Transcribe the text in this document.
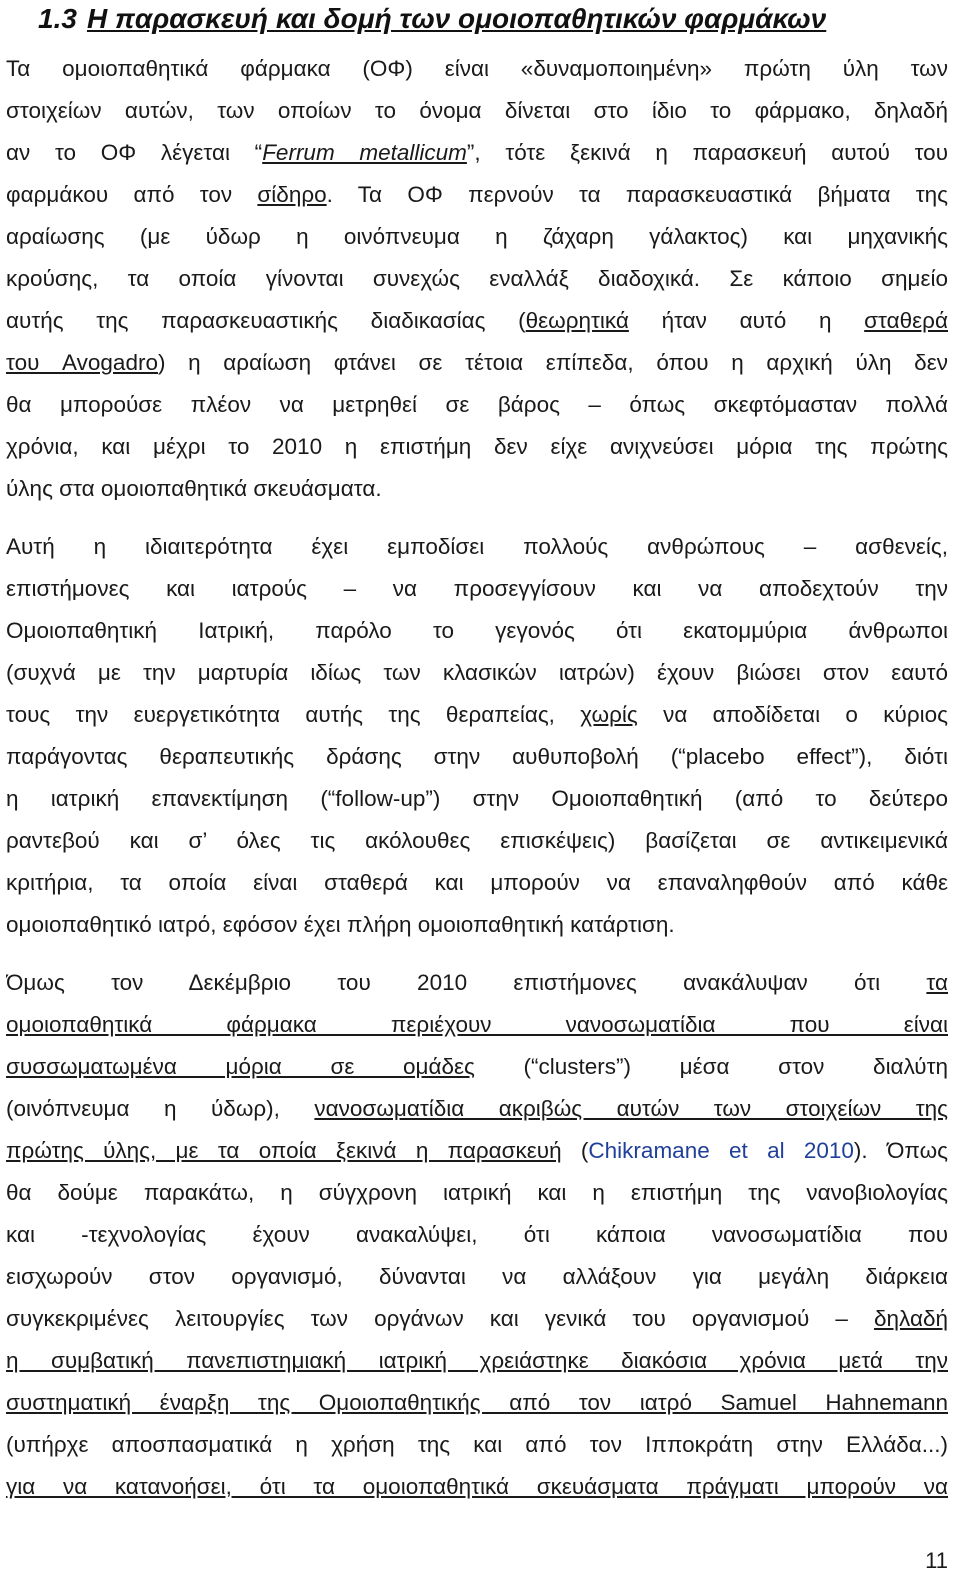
1.3 Η παρασκευή και δομή των ομοιοπαθητικών φαρμάκων
Τα ομοιοπαθητικά φάρμακα (ΟΦ) είναι «δυναμοποιημένη» πρώτη ύλη των
στοιχείων αυτών, των οποίων το όνομα δίνεται στο ίδιο το φάρμακο, δηλαδή
αν το ΟΦ λέγεται “Ferrum metallicum”, τότε ξεκινά η παρασκευή αυτού του
φαρμάκου από τον σίδηρο. Τα ΟΦ περνούν τα παρασκευαστικά βήματα της
αραίωσης (με ύδωρ η οινόπνευμα η ζάχαρη γάλακτος) και μηχανικής
κρούσης, τα οποία γίνονται συνεχώς εναλλάξ διαδοχικά. Σε κάποιο σημείο
αυτής της παρασκευαστικής διαδικασίας (θεωρητικά ήταν αυτό η σταθερά
του Avogadro) η αραίωση φτάνει σε τέτοια επίπεδα, όπου η αρχική ύλη δεν
θα μπορούσε πλέον να μετρηθεί σε βάρος – όπως σκεφτόμασταν πολλά
χρόνια, και μέχρι το 2010 η επιστήμη δεν είχε ανιχνεύσει μόρια της πρώτης
ύλης στα ομοιοπαθητικά σκευάσματα.
Αυτή η ιδιαιτερότητα έχει εμποδίσει πολλούς ανθρώπους – ασθενείς,
επιστήμονες και ιατρούς – να προσεγγίσουν και να αποδεχτούν την
Ομοιοπαθητική Ιατρική, παρόλο το γεγονός ότι εκατομμύρια άνθρωποι
(συχνά με την μαρτυρία ιδίως των κλασικών ιατρών) έχουν βιώσει στον εαυτό
τους την ευεργετικότητα αυτής της θεραπείας, χωρίς να αποδίδεται ο κύριος
παράγοντας θεραπευτικής δράσης στην αυθυποβολή (“placebo effect”), διότι
η ιατρική επανεκτίμηση (“follow-up”) στην Ομοιοπαθητική (από το δεύτερο
ραντεβού και σ’ όλες τις ακόλουθες επισκέψεις) βασίζεται σε αντικειμενικά
κριτήρια, τα οποία είναι σταθερά και μπορούν να επαναληφθούν από κάθε
ομοιοπαθητικό ιατρό, εφόσον έχει πλήρη ομοιοπαθητική κατάρτιση.
Όμως τον Δεκέμβριο του 2010 επιστήμονες ανακάλυψαν ότι τα
ομοιοπαθητικά φάρμακα περιέχουν νανοσωματίδια που είναι
συσσωματωμένα μόρια σε ομάδες (“clusters”) μέσα στον διαλύτη
(οινόπνευμα η ύδωρ), νανοσωματίδια ακριβώς αυτών των στοιχείων της
πρώτης ύλης, με τα οποία ξεκινά η παρασκευή (Chikramane et al 2010). Όπως
θα δούμε παρακάτω, η σύγχρονη ιατρική και η επιστήμη της νανοβιολογίας
και -τεχνολογίας έχουν ανακαλύψει, ότι κάποια νανοσωματίδια που
εισχωρούν στον οργανισμό, δύνανται να αλλάξουν για μεγάλη διάρκεια
συγκεκριμένες λειτουργίες των οργάνων και γενικά του οργανισμού – δηλαδή
η συμβατική πανεπιστημιακή ιατρική χρειάστηκε διακόσια χρόνια μετά την
συστηματική έναρξη της Ομοιοπαθητικής από τον ιατρό Samuel Hahnemann
(υπήρχε αποσπασματικά η χρήση της και από τον Ιπποκράτη στην Ελλάδα...)
για να κατανοήσει, ότι τα ομοιοπαθητικά σκευάσματα πράγματι μπορούν να
11
